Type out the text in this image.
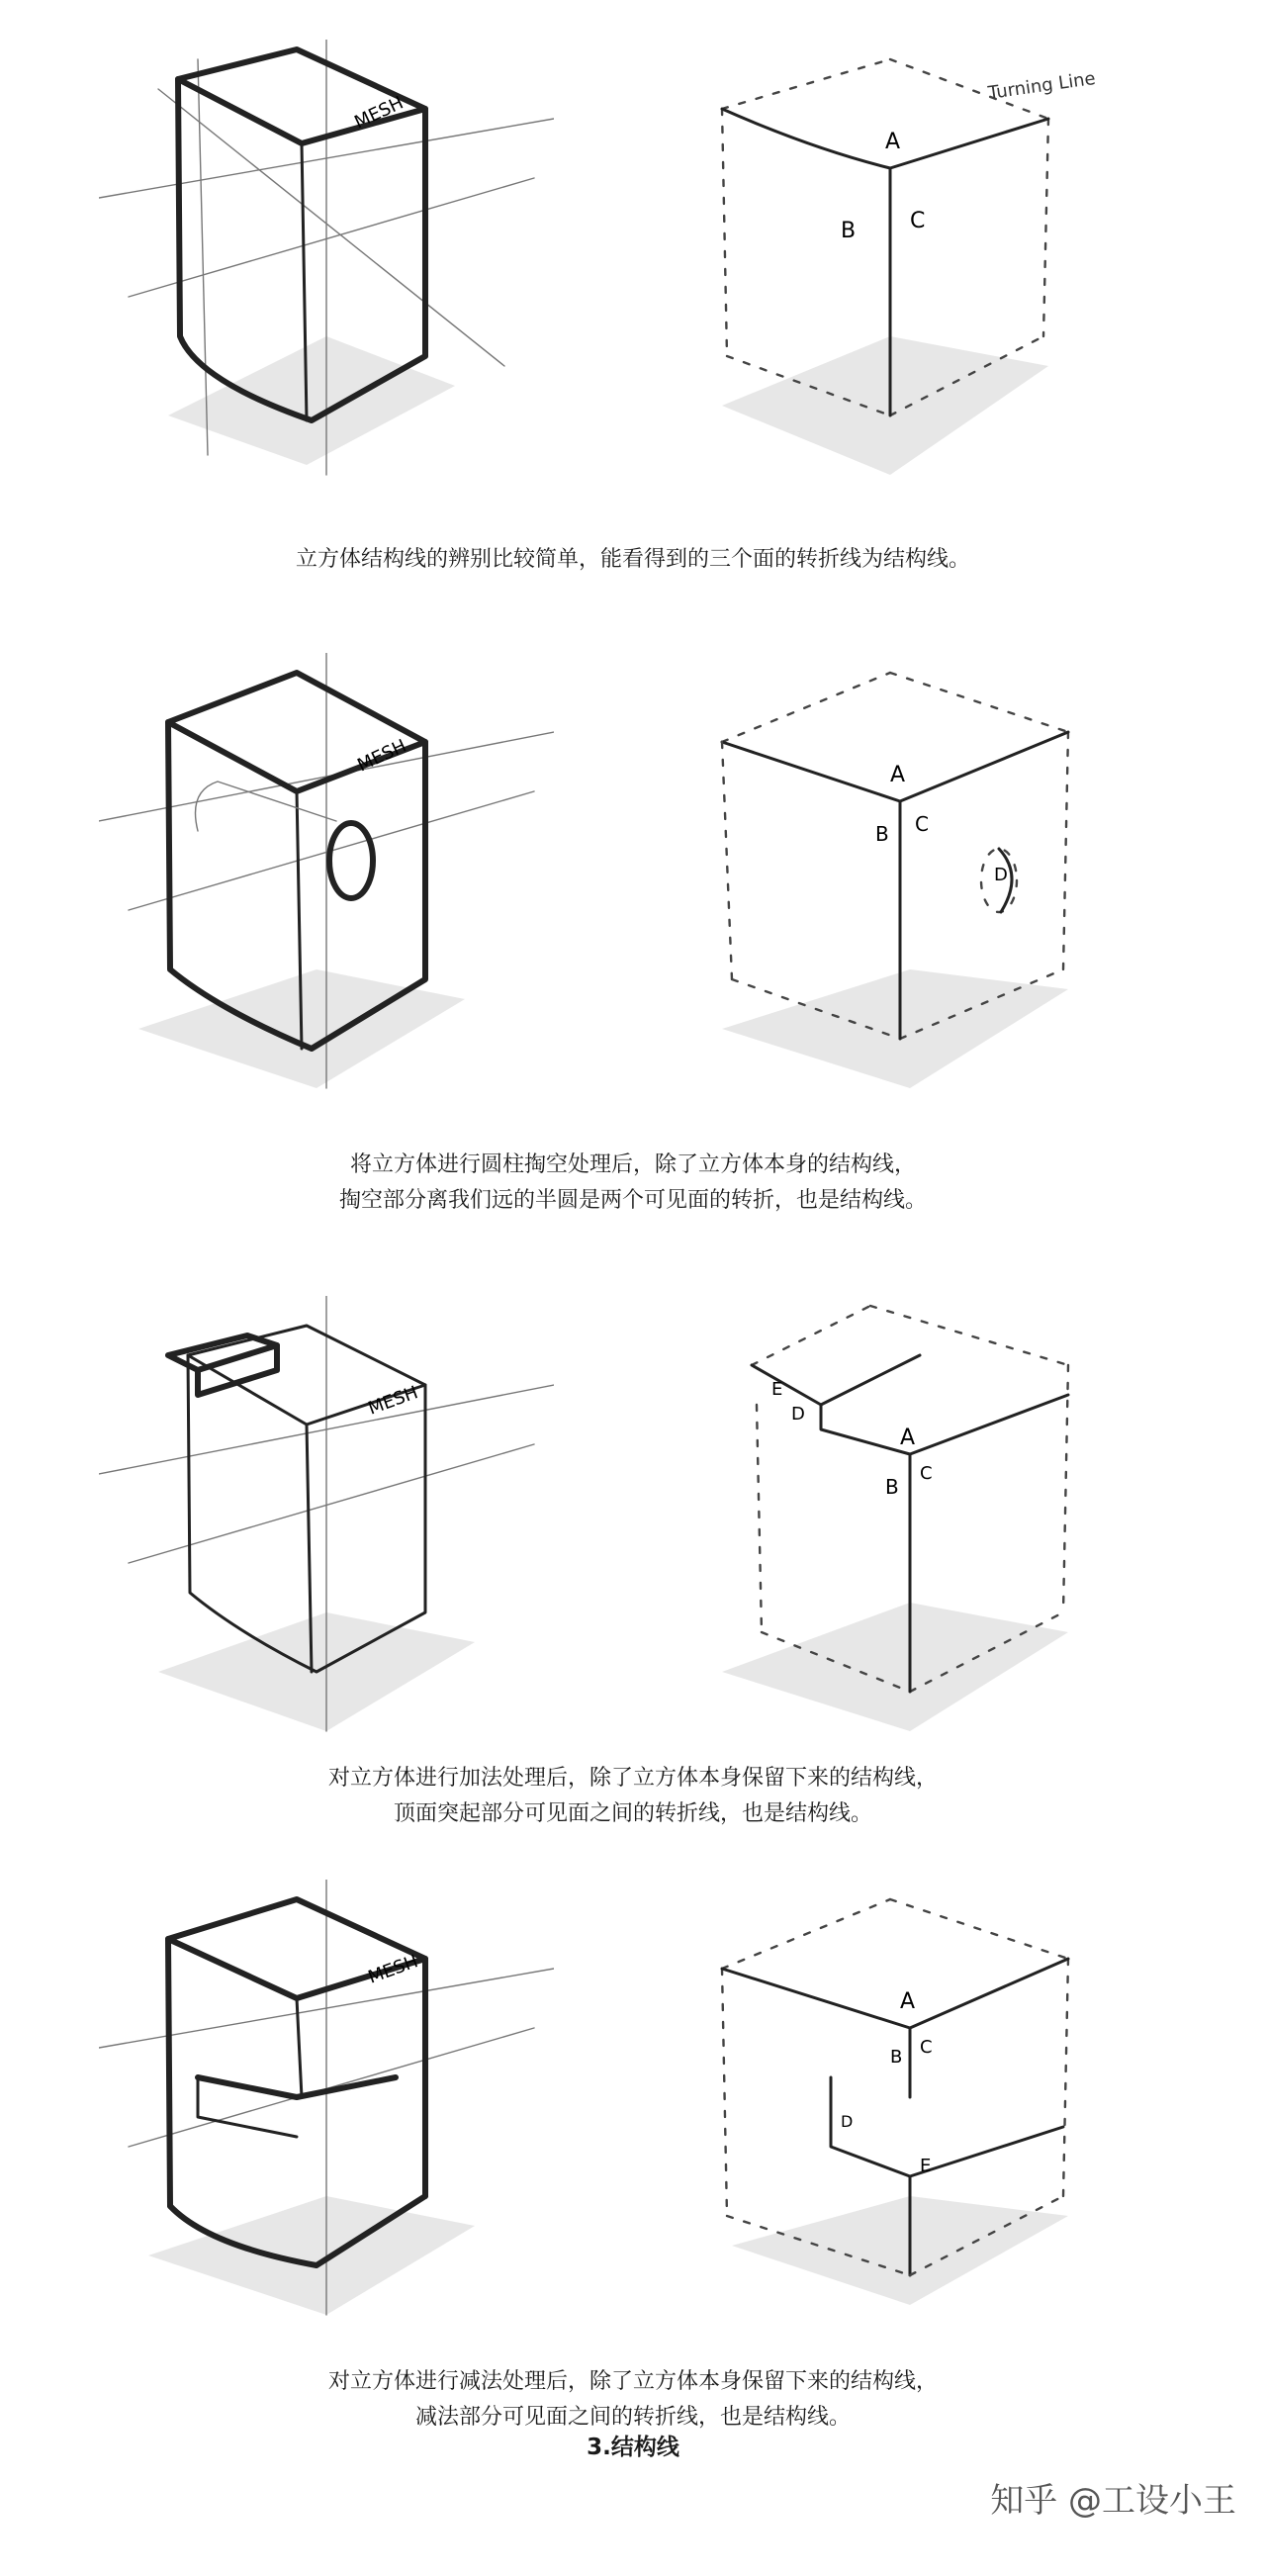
MESH
Turning Line
A
B C
立方体结构线的辨别比较简单，能看得到的三个面的转折线为结构线。
MESH	A
B C
D
将立方体进行圆柱掏空处理后，除了立方体本身的结构线，
掏空部分离我们远的半圆是两个可见面的转折，也是结构线。
MESH	E
D
A
B
C
对立方体进行加法处理后，除了立方体本身保留下来的结构线，
顶面突起部分可见面之间的转折线，也是结构线。
MESH
A
B C
D
E
对立方体进行减法处理后，除了立方体本身保留下来的结构线，
减法部分可见面之间的转折线，也是结构线。
3.结构线
知乎 @工设小王
